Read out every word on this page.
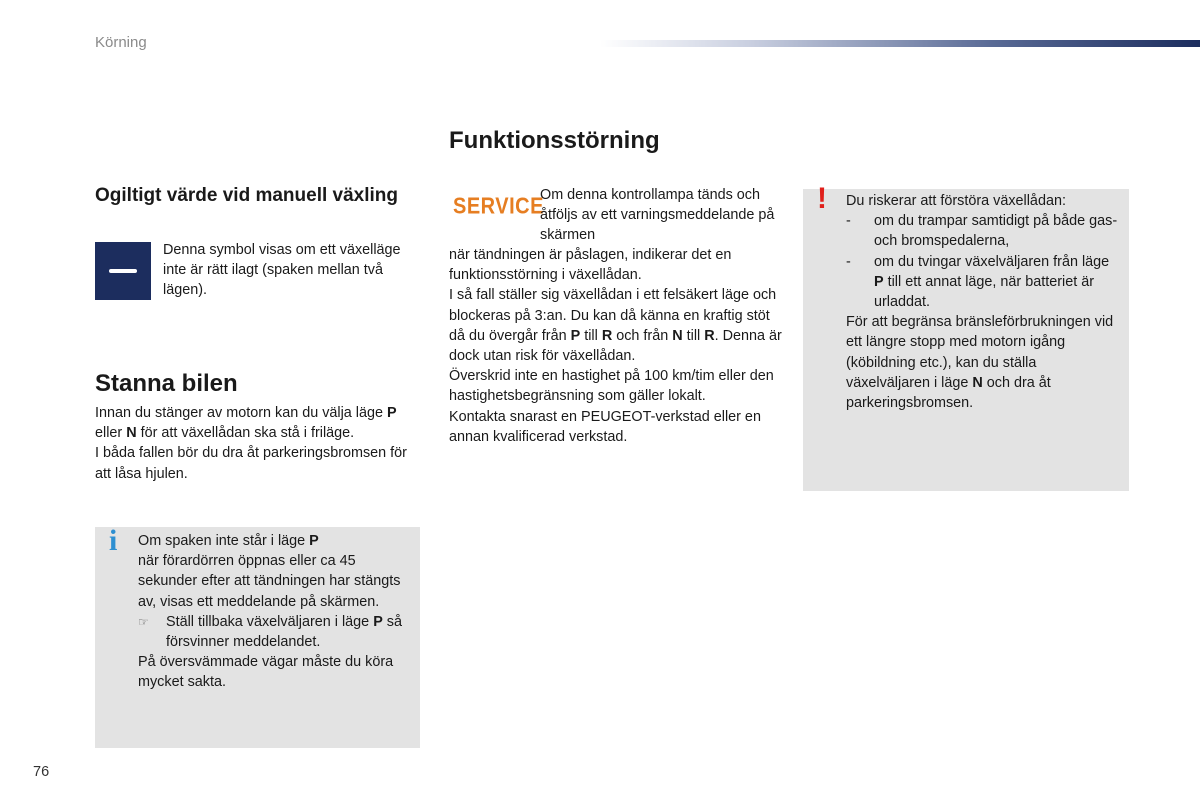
Körning
Ogiltigt värde vid manuell växling
Denna symbol visas om ett växelläge inte är rätt ilagt (spaken mellan två lägen).
Stanna bilen
Innan du stänger av motorn kan du välja läge P eller N för att växellådan ska stå i friläge.
I båda fallen bör du dra åt parkeringsbromsen för att låsa hjulen.
i Om spaken inte står i läge P

när förardörren öppnas eller ca 45 sekunder efter att tändningen har stängts av, visas ett meddelande på skärmen.

☞ Ställ tillbaka växelväljaren i läge P så försvinner meddelandet.

På översvämmade vägar måste du köra mycket sakta.

Funktionsstörning
SERVICE
Om denna kontrollampa tänds och åtföljs av ett varningsmeddelande på skärmen
när tändningen är påslagen, indikerar det en funktionsstörning i växellådan.
I så fall ställer sig växellådan i ett felsäkert läge och blockeras på 3:an. Du kan då känna en kraftig stöt då du övergår från P till R och från N till R. Denna är dock utan risk för växellådan.
Överskrid inte en hastighet på 100 km/tim eller den hastighetsbegränsning som gäller lokalt.
Kontakta snarast en PEUGEOT-verkstad eller en annan kvalificerad verkstad.
! Du riskerar att förstöra växellådan:

- om du trampar samtidigt på både gas- och bromspedalerna,

- om du tvingar växelväljaren från läge P till ett annat läge, när batteriet är urladdat.

För att begränsa bränsleförbrukningen vid ett längre stopp med motorn igång (köbildning etc.), kan du ställa växelväljaren i läge N och dra åt parkeringsbromsen.

76
